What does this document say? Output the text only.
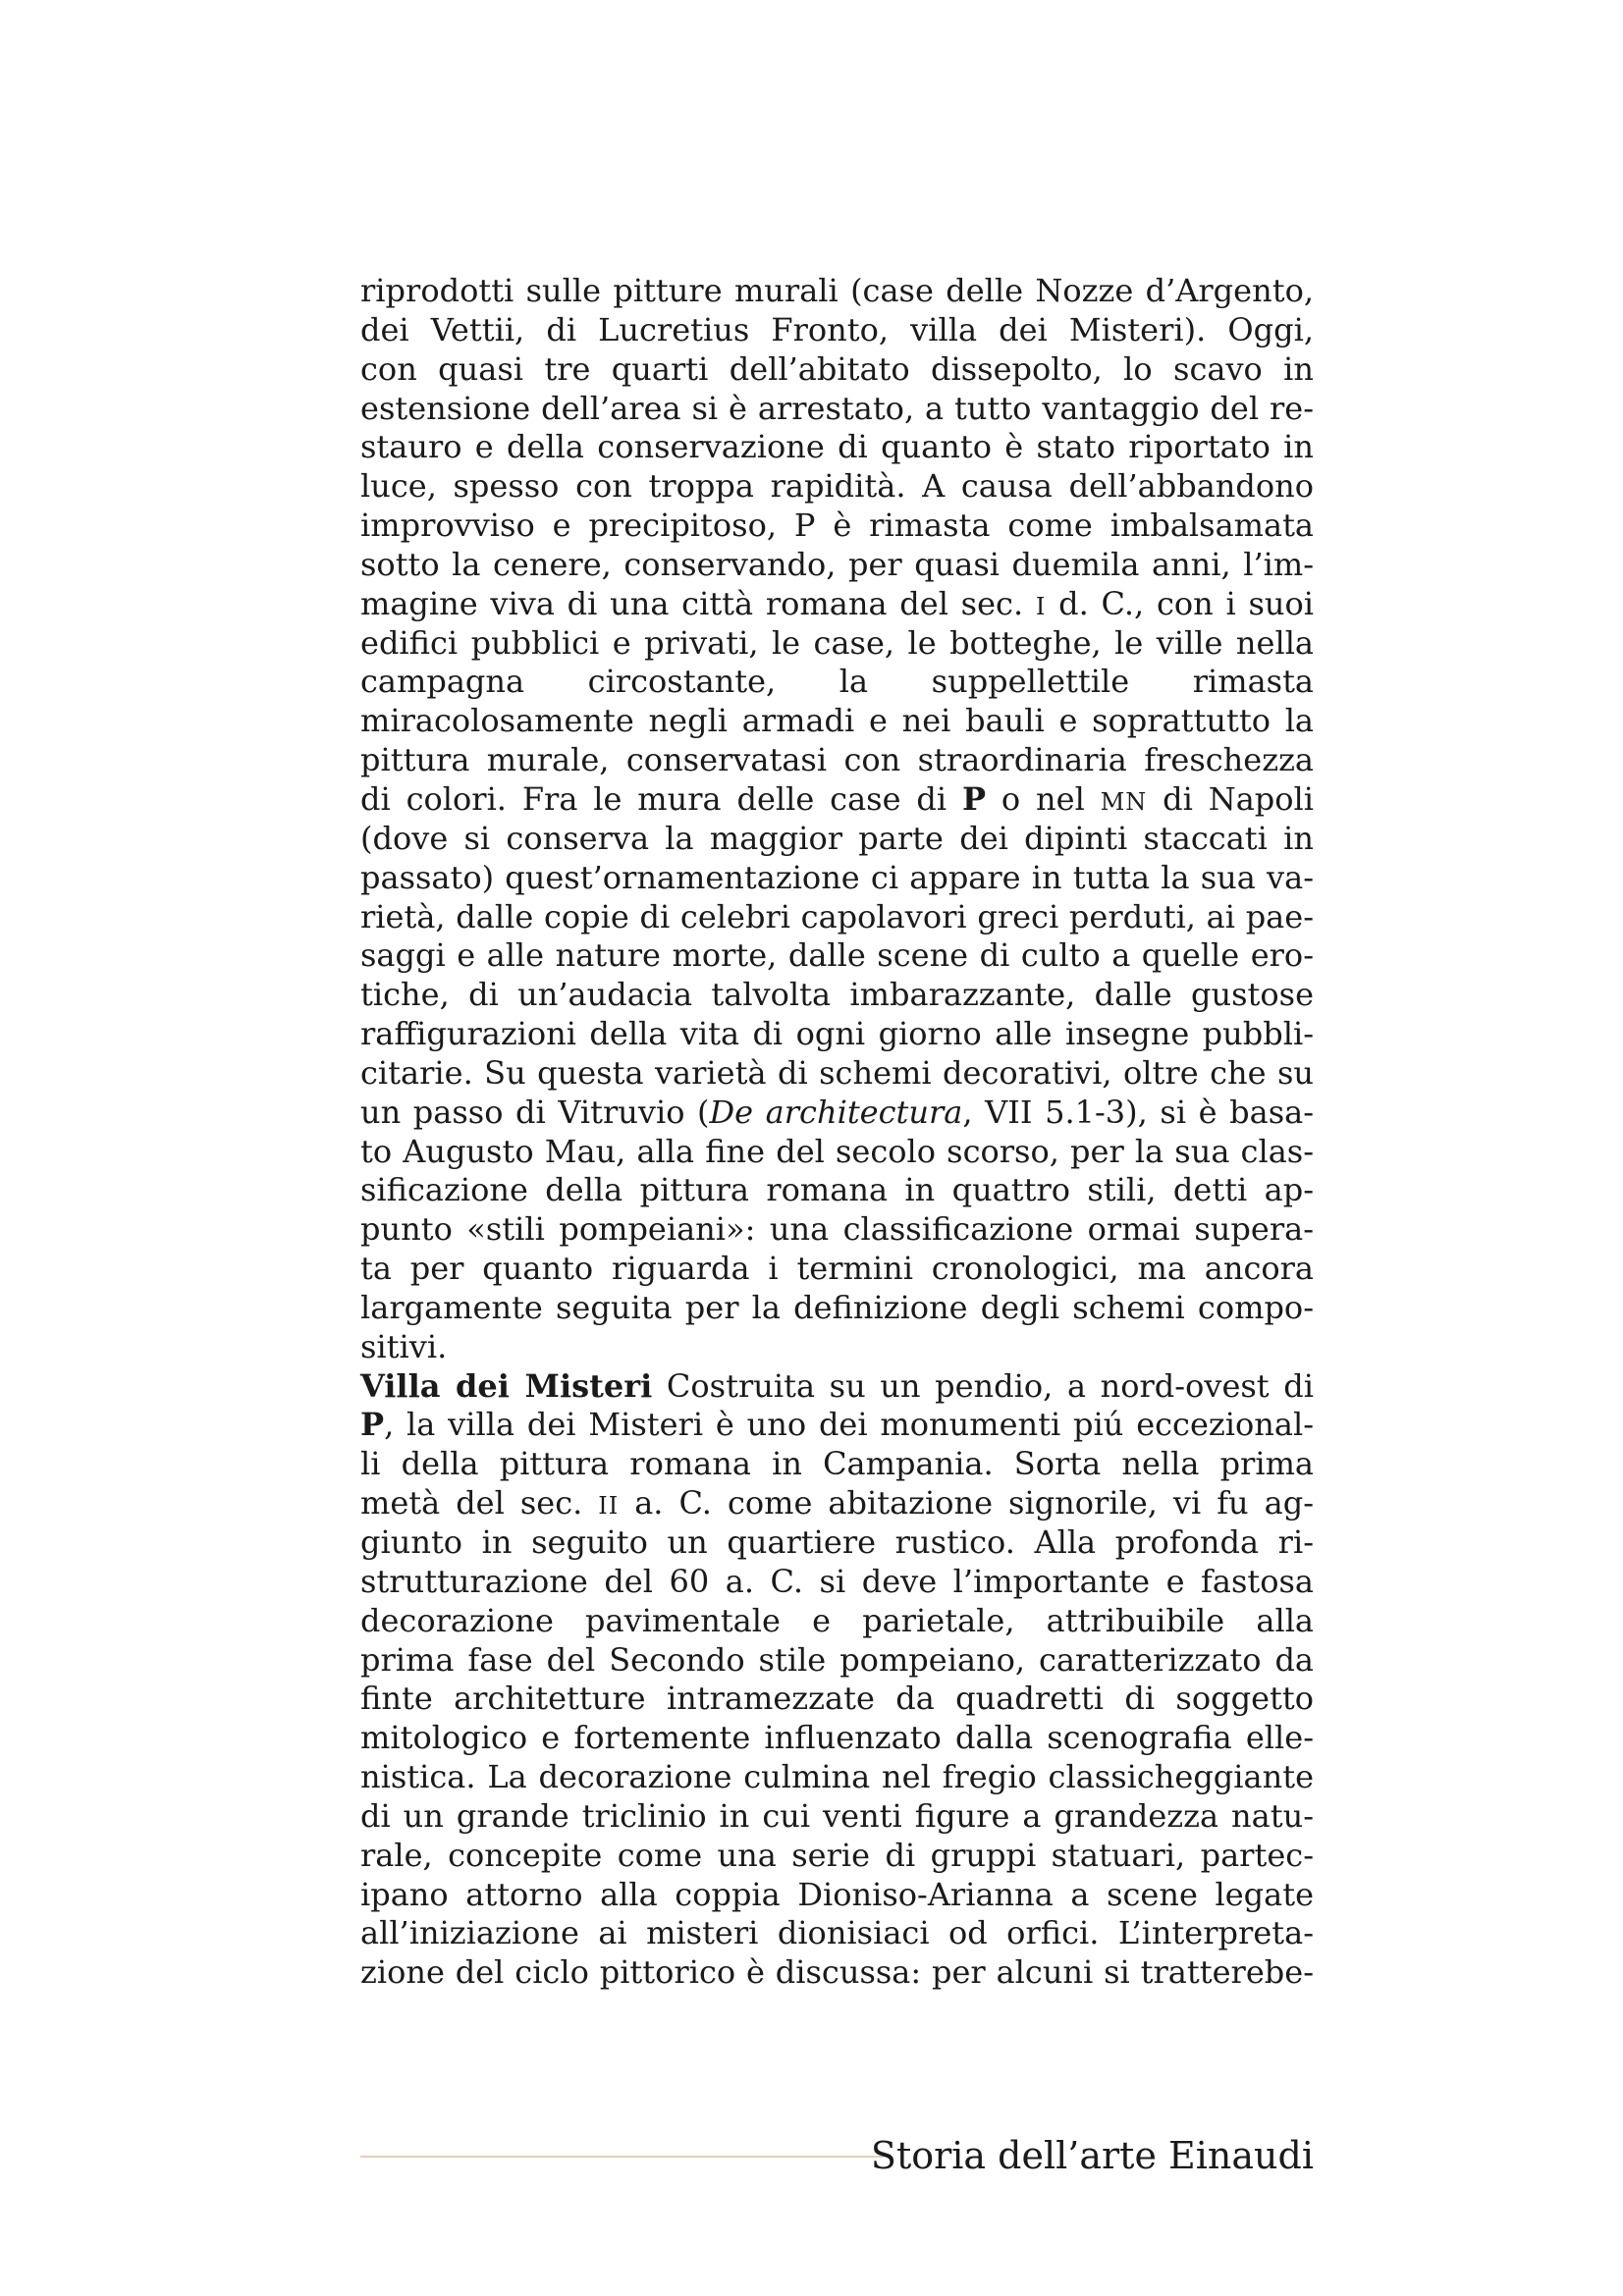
riprodotti sulle pitture murali (case delle Nozze d’Argento,
dei Vettii, di Lucretius Fronto, villa dei Misteri). Oggi,
con quasi tre quarti dell’abitato dissepolto, lo scavo in
estensione dell’area si è arrestato, a tutto vantaggio del re-
stauro e della conservazione di quanto è stato riportato in
luce, spesso con troppa rapidità. A causa dell’abbandono
improvviso e precipitoso, P è rimasta come imbalsamata
sotto la cenere, conservando, per quasi duemila anni, l’im-
magine viva di una città romana del sec. I d. C., con i suoi
edifici pubblici e privati, le case, le botteghe, le ville nella
campagna circostante, la suppellettile rimasta
miracolosamente negli armadi e nei bauli e soprattutto la
pittura murale, conservatasi con straordinaria freschezza
di colori. Fra le mura delle case di P o nel MN di Napoli
(dove si conserva la maggior parte dei dipinti staccati in
passato) quest’ornamentazione ci appare in tutta la sua va-
rietà, dalle copie di celebri capolavori greci perduti, ai pae-
saggi e alle nature morte, dalle scene di culto a quelle ero-
tiche, di un’audacia talvolta imbarazzante, dalle gustose
raffigurazioni della vita di ogni giorno alle insegne pubbli-
citarie. Su questa varietà di schemi decorativi, oltre che su
un passo di Vitruvio (De architectura, VII 5.1-3), si è basa-
to Augusto Mau, alla fine del secolo scorso, per la sua clas-
sificazione della pittura romana in quattro stili, detti ap-
punto «stili pompeiani»: una classificazione ormai supera-
ta per quanto riguarda i termini cronologici, ma ancora
largamente seguita per la definizione degli schemi compo-
sitivi.
Villa dei Misteri Costruita su un pendio, a nord-ovest di
P, la villa dei Misteri è uno dei monumenti piú eccezional-
li della pittura romana in Campania. Sorta nella prima
metà del sec. II a. C. come abitazione signorile, vi fu ag-
giunto in seguito un quartiere rustico. Alla profonda ri-
strutturazione del 60 a. C. si deve l’importante e fastosa
decorazione pavimentale e parietale, attribuibile alla
prima fase del Secondo stile pompeiano, caratterizzato da
finte architetture intramezzate da quadretti di soggetto
mitologico e fortemente influenzato dalla scenografia elle-
nistica. La decorazione culmina nel fregio classicheggiante
di un grande triclinio in cui venti figure a grandezza natu-
rale, concepite come una serie di gruppi statuari, partec-
ipano attorno alla coppia Dioniso-Arianna a scene legate
all’iniziazione ai misteri dionisiaci od orfici. L’interpreta-
zione del ciclo pittorico è discussa: per alcuni si tratterebe-
Storia dell’arte Einaudi
